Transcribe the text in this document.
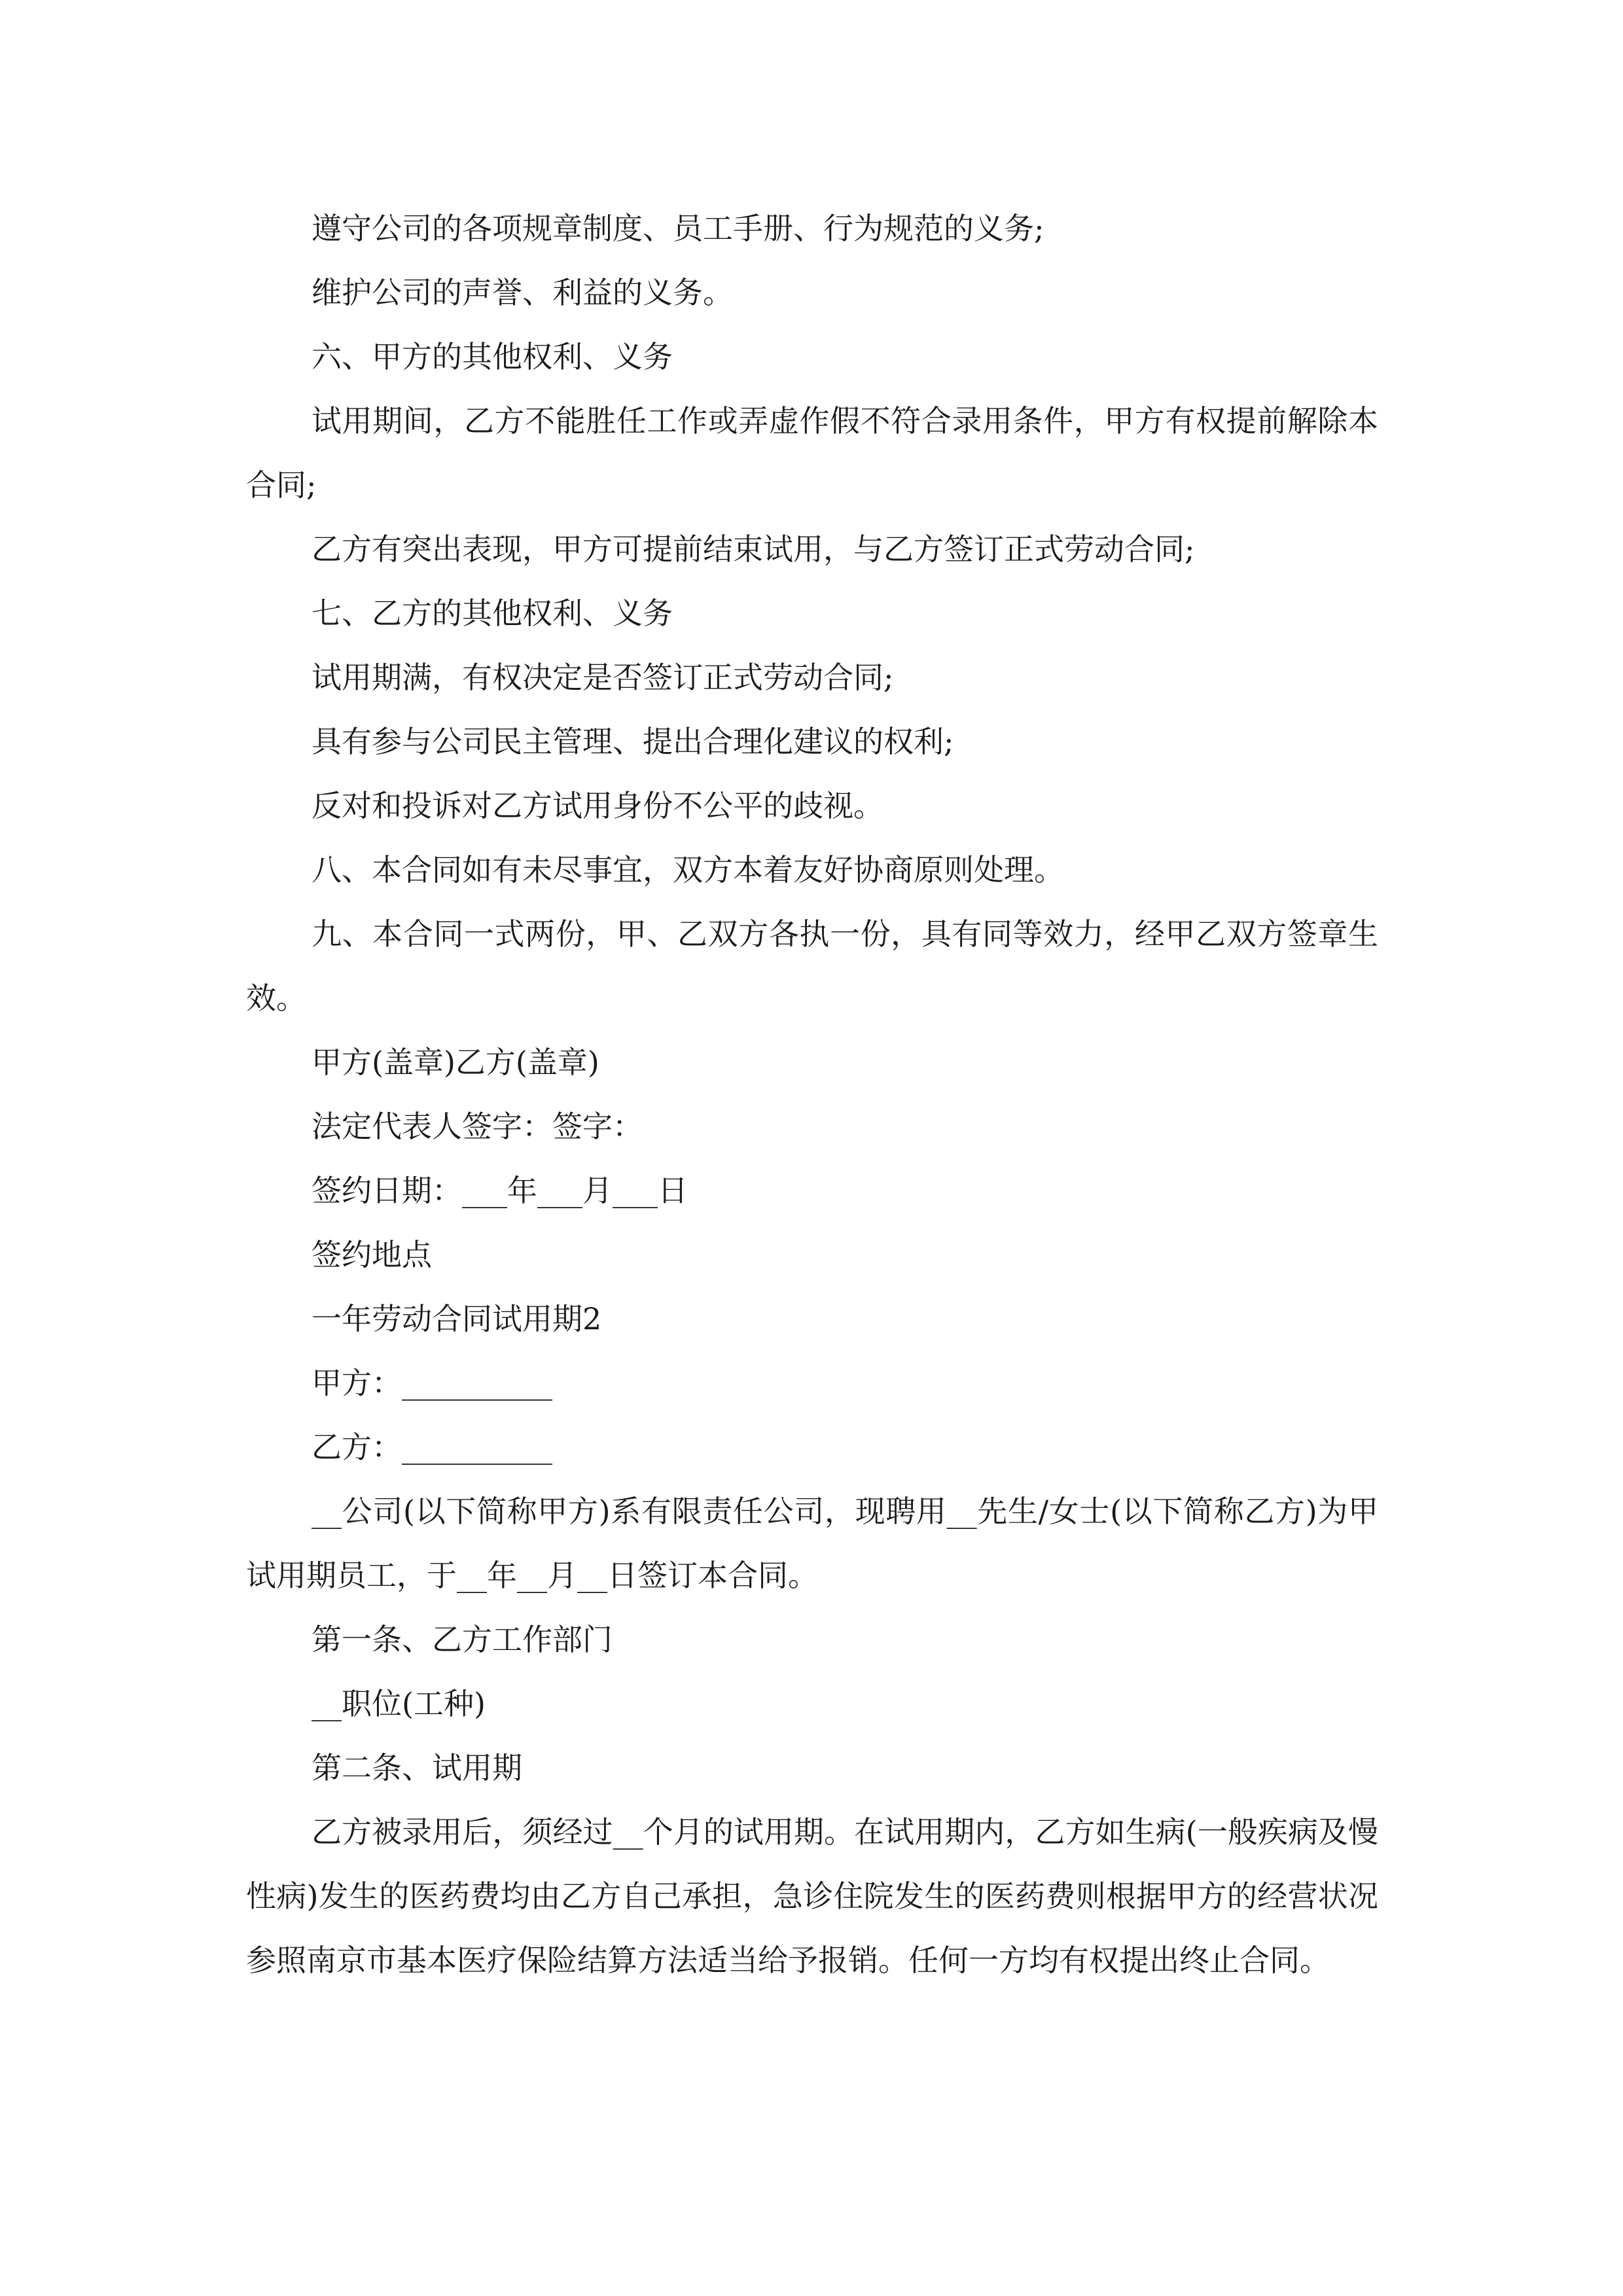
遵守公司的各项规章制度、员工手册、行为规范的义务;

维护公司的声誉、利益的义务。

六、甲方的其他权利、义务

试用期间，乙方不能胜任工作或弄虚作假不符合录用条件，甲方有权提前解除本合同;

乙方有突出表现，甲方可提前结束试用，与乙方签订正式劳动合同;

七、乙方的其他权利、义务

试用期满，有权决定是否签订正式劳动合同;

具有参与公司民主管理、提出合理化建议的权利;

反对和投诉对乙方试用身份不公平的歧视。

八、本合同如有未尽事宜，双方本着友好协商原则处理。

九、本合同一式两份，甲、乙双方各执一份，具有同等效力，经甲乙双方签章生效。

甲方(盖章)乙方(盖章)

法定代表人签字：签字：

签约日期：___年___月___日

签约地点

一年劳动合同试用期2

甲方：__________

乙方：__________

__公司(以下简称甲方)系有限责任公司，现聘用__先生/女士(以下简称乙方)为甲试用期员工，于__年__月__日签订本合同。

第一条、乙方工作部门

__职位(工种)

第二条、试用期

乙方被录用后，须经过__个月的试用期。在试用期内，乙方如生病(一般疾病及慢性病)发生的医药费均由乙方自己承担，急诊住院发生的医药费则根据甲方的经营状况参照南京市基本医疗保险结算方法适当给予报销。任何一方均有权提出终止合同。
